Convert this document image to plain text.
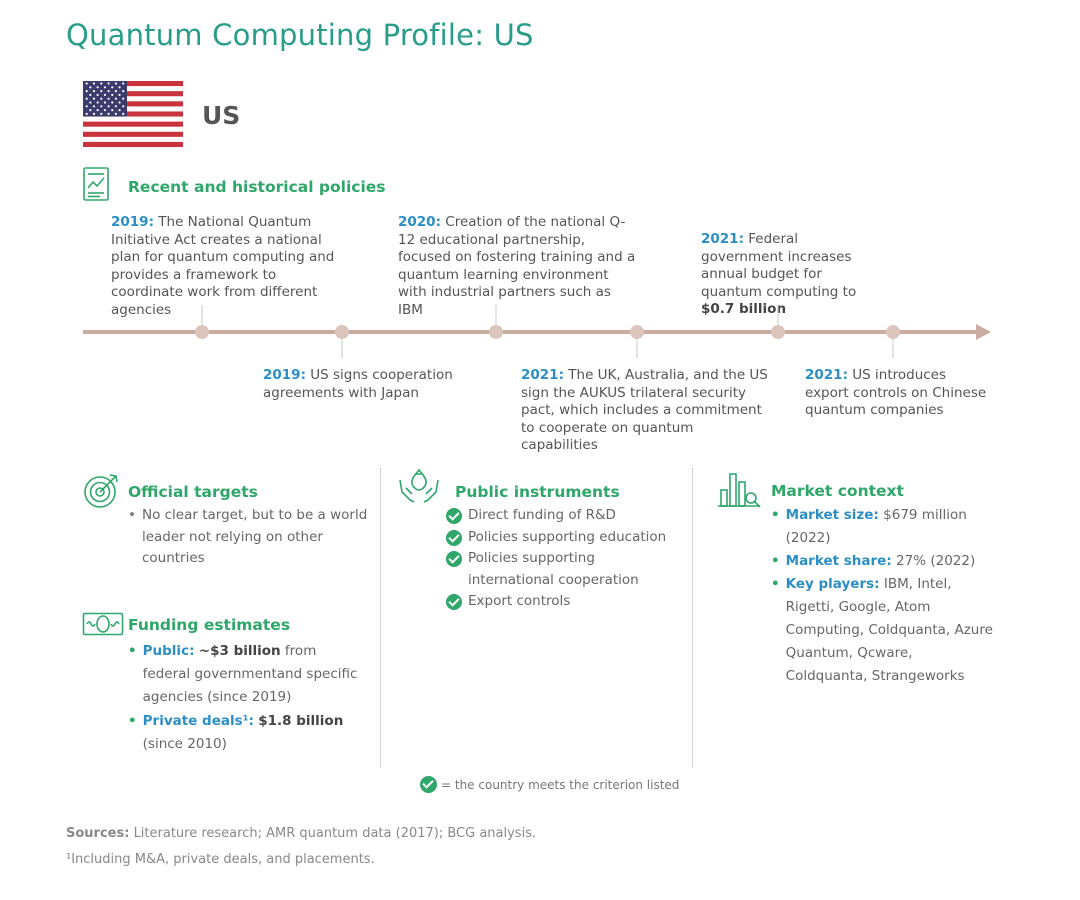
Quantum Computing Profile: US
US
Recent and historical policies
2019: The National Quantum Initiative Act creates a national plan for quantum computing and provides a framework to coordinate work from different agencies
2020: Creation of the national Q-12 educational partnership, focused on fostering training and a quantum learning environment with industrial partners such as IBM
2021: Federal government increases annual budget for quantum computing to $0.7 billion
2019: US signs cooperation agreements with Japan
2021: The UK, Australia, and the US sign the AUKUS trilateral security pact, which includes a commitment to cooperate on quantum capabilities
2021: US introduces export controls on Chinese quantum companies
Official targets
• No clear target, but to be a world leader not relying on other countries
Funding estimates
• Public: ~$3 billion from federal governmentand specific agencies (since 2019)
• Private deals¹: $1.8 billion
(since 2010)
Public instruments
Direct funding of R&D
Policies supporting education
Policies supporting international cooperation
Export controls
Market context
• Market size: $679 million (2022)
• Market share: 27% (2022)
• Key players: IBM, Intel, Rigetti, Google, Atom Computing, Coldquanta, Azure Quantum, Qcware, Coldquanta, Strangeworks
= the country meets the criterion listed
Sources: Literature research; AMR quantum data (2017); BCG analysis.
¹Including M&A, private deals, and placements.
